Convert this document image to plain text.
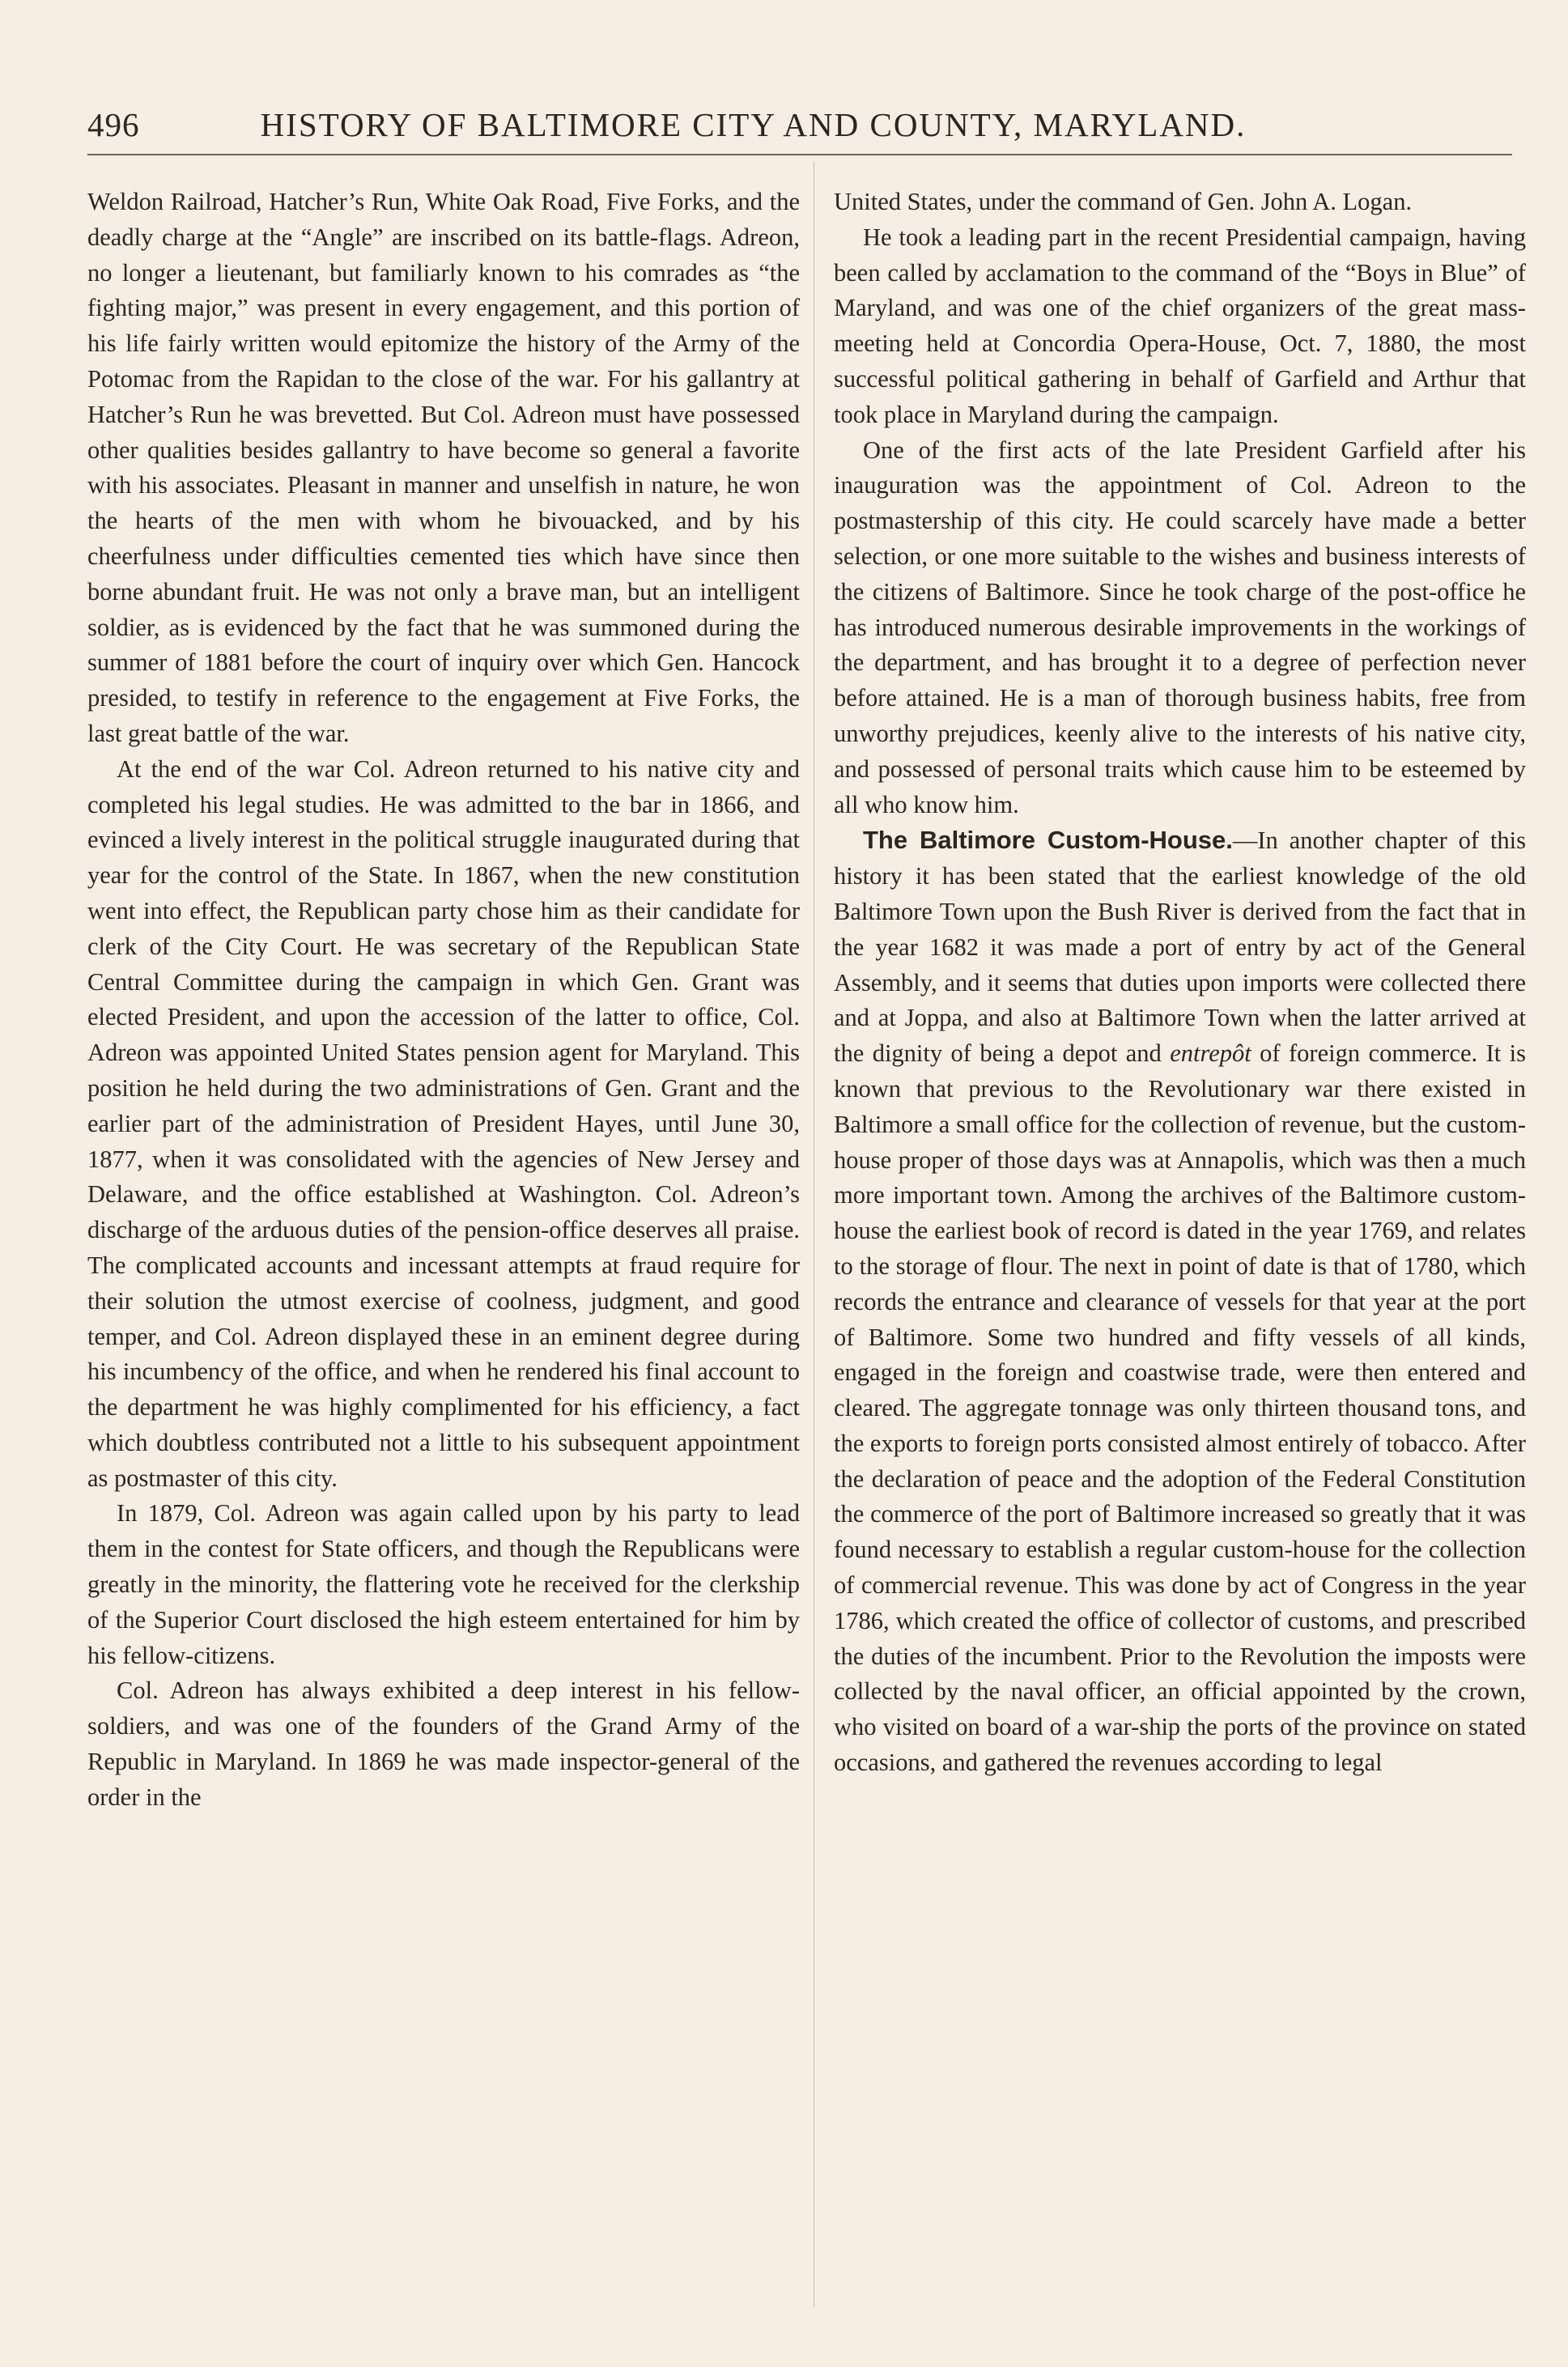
496	HISTORY OF BALTIMORE CITY AND COUNTY, MARYLAND.

Weldon Railroad, Hatcher’s Run, White Oak Road, Five Forks, and the deadly charge at the “Angle” are inscribed on its battle-flags. Adreon, no longer a lieutenant, but familiarly known to his comrades as “the fighting major,” was present in every engagement, and this portion of his life fairly written would epitomize the history of the Army of the Potomac from the Rapidan to the close of the war. For his gallantry at Hatcher’s Run he was brevetted. But Col. Adreon must have possessed other qualities besides gallantry to have become so general a favorite with his associates. Pleasant in manner and unselfish in nature, he won the hearts of the men with whom he bivouacked, and by his cheerfulness under difficulties cemented ties which have since then borne abundant fruit. He was not only a brave man, but an intelligent soldier, as is evidenced by the fact that he was summoned during the summer of 1881 before the court of inquiry over which Gen. Hancock presided, to testify in reference to the engagement at Five Forks, the last great battle of the war.

At the end of the war Col. Adreon returned to his native city and completed his legal studies. He was admitted to the bar in 1866, and evinced a lively interest in the political struggle inaugurated during that year for the control of the State. In 1867, when the new constitution went into effect, the Republican party chose him as their candidate for clerk of the City Court. He was secretary of the Republican State Central Committee during the campaign in which Gen. Grant was elected President, and upon the accession of the latter to office, Col. Adreon was appointed United States pension agent for Maryland. This position he held during the two administrations of Gen. Grant and the earlier part of the administration of President Hayes, until June 30, 1877, when it was consolidated with the agencies of New Jersey and Delaware, and the office established at Washington. Col. Adreon’s discharge of the arduous duties of the pension-office deserves all praise. The complicated accounts and incessant attempts at fraud require for their solution the utmost exercise of coolness, judgment, and good temper, and Col. Adreon displayed these in an eminent degree during his incumbency of the office, and when he rendered his final account to the department he was highly complimented for his efficiency, a fact which doubtless contributed not a little to his subsequent appointment as postmaster of this city.

In 1879, Col. Adreon was again called upon by his party to lead them in the contest for State officers, and though the Republicans were greatly in the minority, the flattering vote he received for the clerkship of the Superior Court disclosed the high esteem entertained for him by his fellow-citizens.

Col. Adreon has always exhibited a deep interest in his fellow-soldiers, and was one of the founders of the Grand Army of the Republic in Maryland. In 1869 he was made inspector-general of the order in the

United States, under the command of Gen. John A. Logan.

He took a leading part in the recent Presidential campaign, having been called by acclamation to the command of the “Boys in Blue” of Maryland, and was one of the chief organizers of the great mass-meeting held at Concordia Opera-House, Oct. 7, 1880, the most successful political gathering in behalf of Garfield and Arthur that took place in Maryland during the campaign.

One of the first acts of the late President Garfield after his inauguration was the appointment of Col. Adreon to the postmastership of this city. He could scarcely have made a better selection, or one more suitable to the wishes and business interests of the citizens of Baltimore. Since he took charge of the post-office he has introduced numerous desirable improvements in the workings of the department, and has brought it to a degree of perfection never before attained. He is a man of thorough business habits, free from unworthy prejudices, keenly alive to the interests of his native city, and possessed of personal traits which cause him to be esteemed by all who know him.

The Baltimore Custom-House.—In another chapter of this history it has been stated that the earliest knowledge of the old Baltimore Town upon the Bush River is derived from the fact that in the year 1682 it was made a port of entry by act of the General Assembly, and it seems that duties upon imports were collected there and at Joppa, and also at Baltimore Town when the latter arrived at the dignity of being a depot and entrepôt of foreign commerce. It is known that previous to the Revolutionary war there existed in Baltimore a small office for the collection of revenue, but the custom-house proper of those days was at Annapolis, which was then a much more important town. Among the archives of the Baltimore custom-house the earliest book of record is dated in the year 1769, and relates to the storage of flour. The next in point of date is that of 1780, which records the entrance and clearance of vessels for that year at the port of Baltimore. Some two hundred and fifty vessels of all kinds, engaged in the foreign and coastwise trade, were then entered and cleared. The aggregate tonnage was only thirteen thousand tons, and the exports to foreign ports consisted almost entirely of tobacco. After the declaration of peace and the adoption of the Federal Constitution the commerce of the port of Baltimore increased so greatly that it was found necessary to establish a regular custom-house for the collection of commercial revenue. This was done by act of Congress in the year 1786, which created the office of collector of customs, and prescribed the duties of the incumbent. Prior to the Revolution the imposts were collected by the naval officer, an official appointed by the crown, who visited on board of a war-ship the ports of the province on stated occasions, and gathered the revenues according to legal
